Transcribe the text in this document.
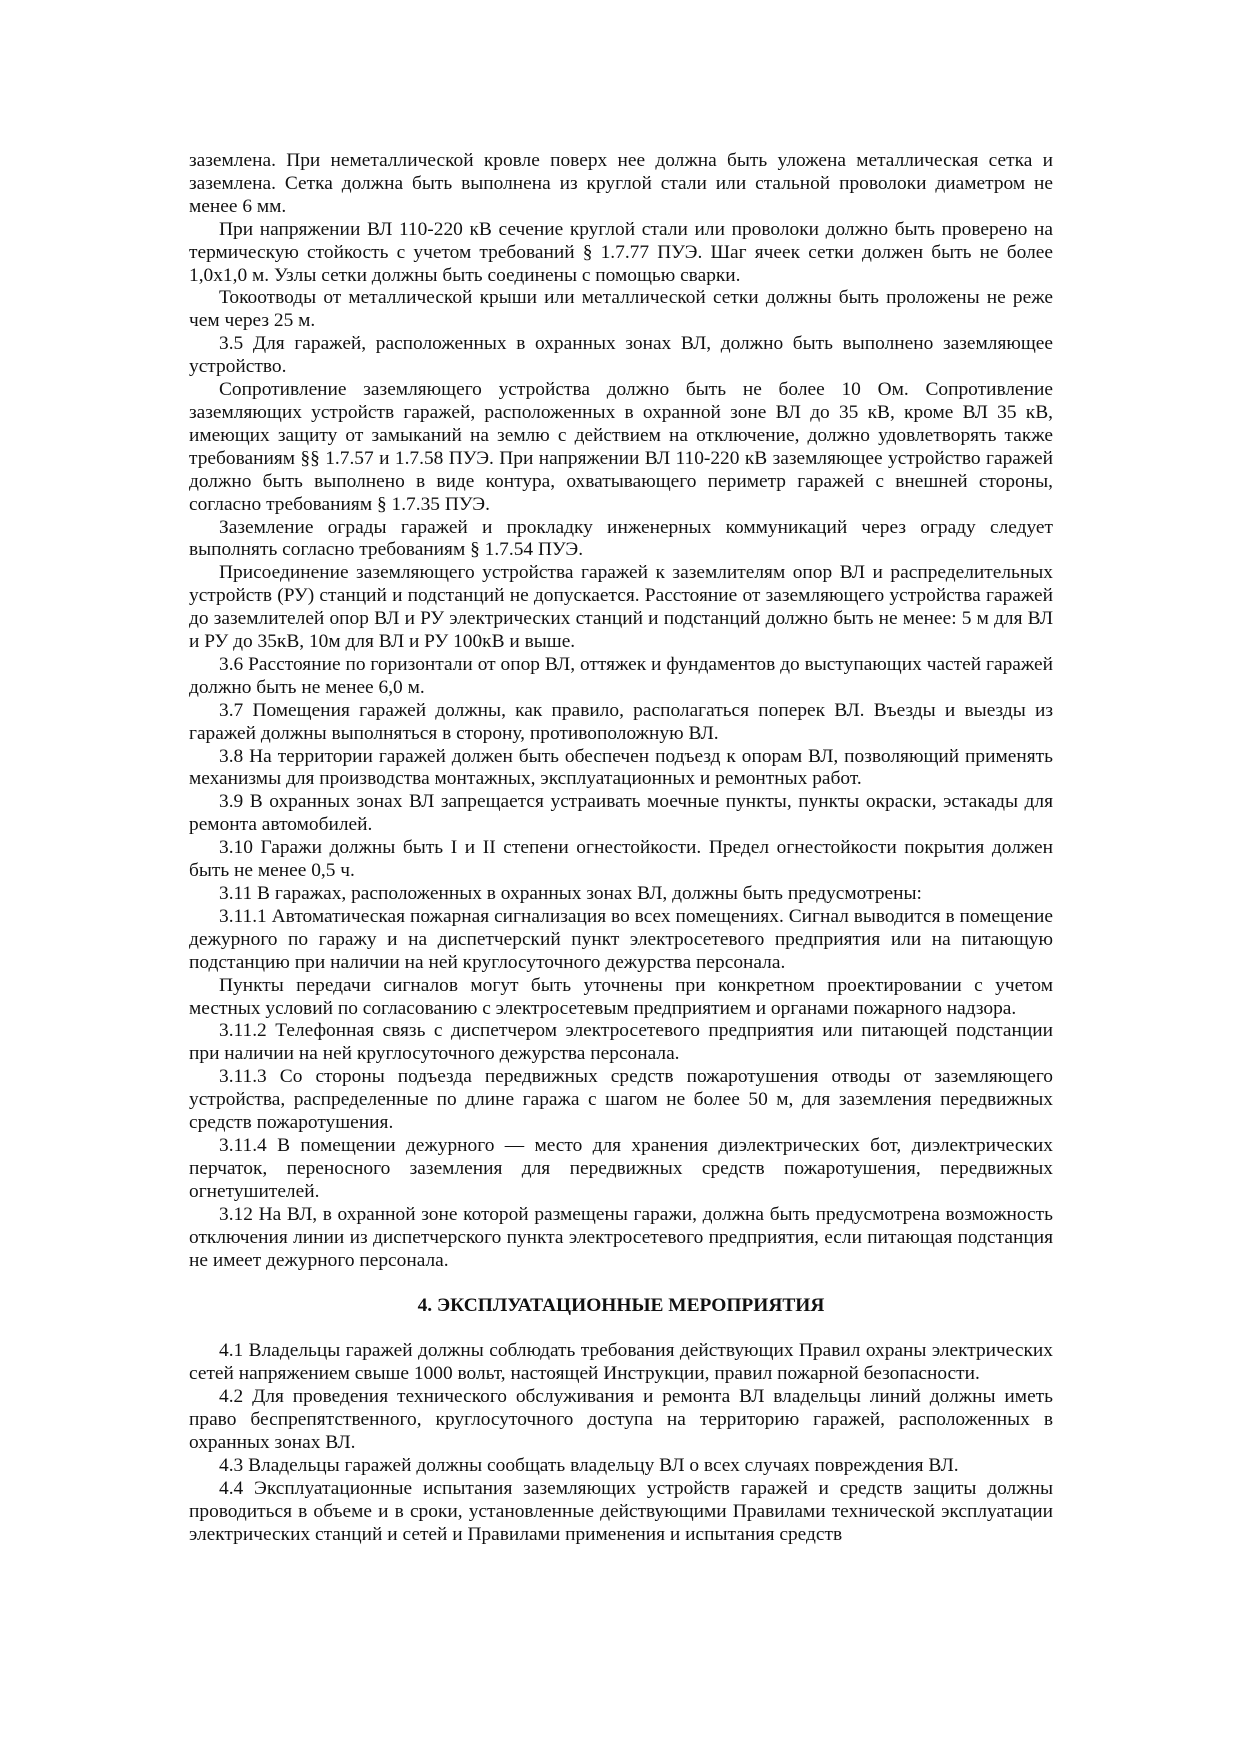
заземлена. При неметаллической кровле поверх нее должна быть уложена металлическая сетка и заземлена. Сетка должна быть выполнена из круглой стали или стальной проволоки диаметром не менее 6 мм.

При напряжении ВЛ 110-220 кВ сечение круглой стали или проволоки должно быть проверено на термическую стойкость с учетом требований § 1.7.77 ПУЭ. Шаг ячеек сетки должен быть не более 1,0x1,0 м. Узлы сетки должны быть соединены с помощью сварки.

Токоотводы от металлической крыши или металлической сетки должны быть проложены не реже чем через 25 м.

3.5 Для гаражей, расположенных в охранных зонах ВЛ, должно быть выполнено заземляющее устройство.

Сопротивление заземляющего устройства должно быть не более 10 Ом. Сопротивление заземляющих устройств гаражей, расположенных в охранной зоне ВЛ до 35 кВ, кроме ВЛ 35 кВ, имеющих защиту от замыканий на землю с действием на отключение, должно удовлетворять также требованиям §§ 1.7.57 и 1.7.58 ПУЭ. При напряжении ВЛ 110-220 кВ заземляющее устройство гаражей должно быть выполнено в виде контура, охватывающего периметр гаражей с внешней стороны, согласно требованиям § 1.7.35 ПУЭ.

Заземление ограды гаражей и прокладку инженерных коммуникаций через ограду следует выполнять согласно требованиям § 1.7.54 ПУЭ.

Присоединение заземляющего устройства гаражей к заземлителям опор ВЛ и распределительных устройств (РУ) станций и подстанций не допускается. Расстояние от заземляющего устройства гаражей до заземлителей опор ВЛ и РУ электрических станций и подстанций должно быть не менее: 5 м для ВЛ и РУ до 35кВ, 10м для ВЛ и РУ 100кВ и выше.

3.6 Расстояние по горизонтали от опор ВЛ, оттяжек и фундаментов до выступающих частей гаражей должно быть не менее 6,0 м.

3.7 Помещения гаражей должны, как правило, располагаться поперек ВЛ. Въезды и выезды из гаражей должны выполняться в сторону, противоположную ВЛ.

3.8 На территории гаражей должен быть обеспечен подъезд к опорам ВЛ, позволяющий применять механизмы для производства монтажных, эксплуатационных и ремонтных работ.

3.9 В охранных зонах ВЛ запрещается устраивать моечные пункты, пункты окраски, эстакады для ремонта автомобилей.

3.10 Гаражи должны быть I и II степени огнестойкости. Предел огнестойкости покрытия должен быть не менее 0,5 ч.

3.11 В гаражах, расположенных в охранных зонах ВЛ, должны быть предусмотрены:

3.11.1 Автоматическая пожарная сигнализация во всех помещениях. Сигнал выводится в помещение дежурного по гаражу и на диспетчерский пункт электросетевого предприятия или на питающую подстанцию при наличии на ней круглосуточного дежурства персонала.

Пункты передачи сигналов могут быть уточнены при конкретном проектировании с учетом местных условий по согласованию с электросетевым предприятием и органами пожарного надзора.

3.11.2 Телефонная связь с диспетчером электросетевого предприятия или питающей подстанции при наличии на ней круглосуточного дежурства персонала.

3.11.3 Со стороны подъезда передвижных средств пожаротушения отводы от заземляющего устройства, распределенные по длине гаража с шагом не более 50 м, для заземления передвижных средств пожаротушения.

3.11.4 В помещении дежурного — место для хранения диэлектрических бот, диэлектрических перчаток, переносного заземления для передвижных средств пожаротушения, передвижных огнетушителей.

3.12 На ВЛ, в охранной зоне которой размещены гаражи, должна быть предусмотрена возможность отключения линии из диспетчерского пункта электросетевого предприятия, если питающая подстанция не имеет дежурного персонала.

4. ЭКСПЛУАТАЦИОННЫЕ МЕРОПРИЯТИЯ

4.1 Владельцы гаражей должны соблюдать требования действующих Правил охраны электрических сетей напряжением свыше 1000 вольт, настоящей Инструкции, правил пожарной безопасности.

4.2 Для проведения технического обслуживания и ремонта ВЛ владельцы линий должны иметь право беспрепятственного, круглосуточного доступа на территорию гаражей, расположенных в охранных зонах ВЛ.

4.3 Владельцы гаражей должны сообщать владельцу ВЛ о всех случаях повреждения ВЛ.

4.4 Эксплуатационные испытания заземляющих устройств гаражей и средств защиты должны проводиться в объеме и в сроки, установленные действующими Правилами технической эксплуатации электрических станций и сетей и Правилами применения и испытания средств
